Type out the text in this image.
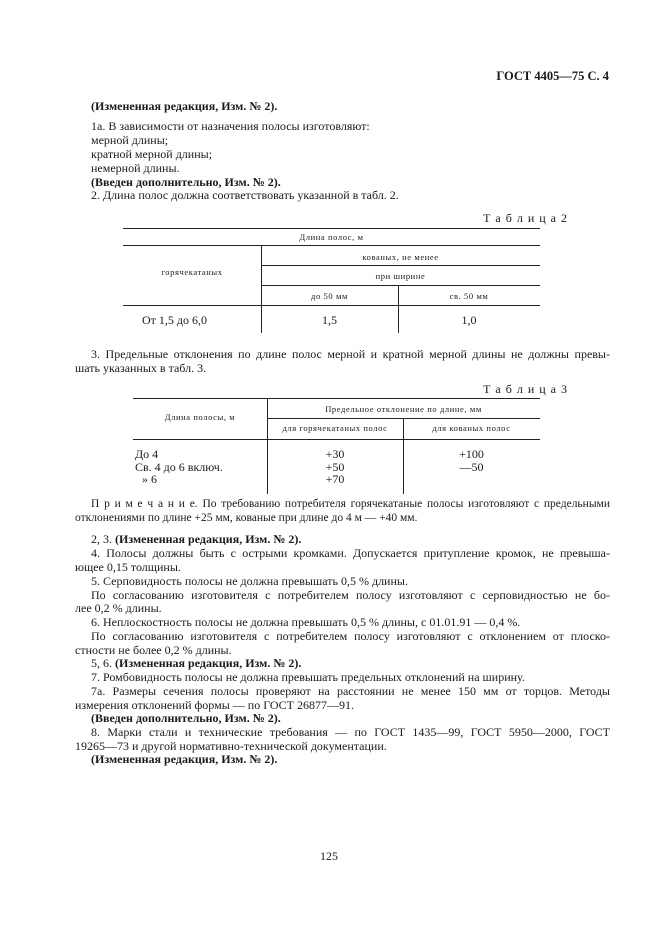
ГОСТ 4405—75 С. 4
(Измененная редакция, Изм. № 2).
1а. В зависимости от назначения полосы изготовляют:
мерной длины;
кратной мерной длины;
немерной длины.
(Введен дополнительно, Изм. № 2).
2. Длина полос должна соответствовать указанной в табл. 2.
Т а б л и ц а 2
Длина полос, м
горячекатаных
кованых, не менее
при ширине
до 50 мм	св. 50 мм
От 1,5 до 6,0	1,5	1,0
3. Предельные отклонения по длине полос мерной и кратной мерной длины не должны превы-
шать указанных в табл. 3.
Т а б л и ц а 3
Длина полосы, м
Предельное отклонение по длине, мм
для горячекатаных полос	для кованых полос
До 4	+30	+100
Св. 4 до 6 включ.	+50	—50
» 6	+70
П р и м е ч а н и е. По требованию потребителя горячекатаные полосы изготовляют с предельными
отклонениями по длине +25 мм, кованые при длине до 4 м — +40 мм.
2, 3. (Измененная редакция, Изм. № 2).
4. Полосы должны быть с острыми кромками. Допускается притупление кромок, не превыша-
ющее 0,15 толщины.
5. Серповидность полосы не должна превышать 0,5 % длины.
По согласованию изготовителя с потребителем полосу изготовляют с серповидностью не бо-
лее 0,2 % длины.
6. Неплоскостность полосы не должна превышать 0,5 % длины, с 01.01.91 — 0,4 %.
По согласованию изготовителя с потребителем полосу изготовляют с отклонением от плоско-
стности не более 0,2 % длины.
5, 6. (Измененная редакция, Изм. № 2).
7. Ромбовидность полосы не должна превышать предельных отклонений на ширину.
7а. Размеры сечения полосы проверяют на расстоянии не менее 150 мм от торцов. Методы
измерения отклонений формы — по ГОСТ 26877—91.
(Введен дополнительно, Изм. № 2).
8. Марки стали и технические требования — по ГОСТ 1435—99, ГОСТ 5950—2000, ГОСТ
19265—73 и другой нормативно-технической документации.
(Измененная редакция, Изм. № 2).
125
